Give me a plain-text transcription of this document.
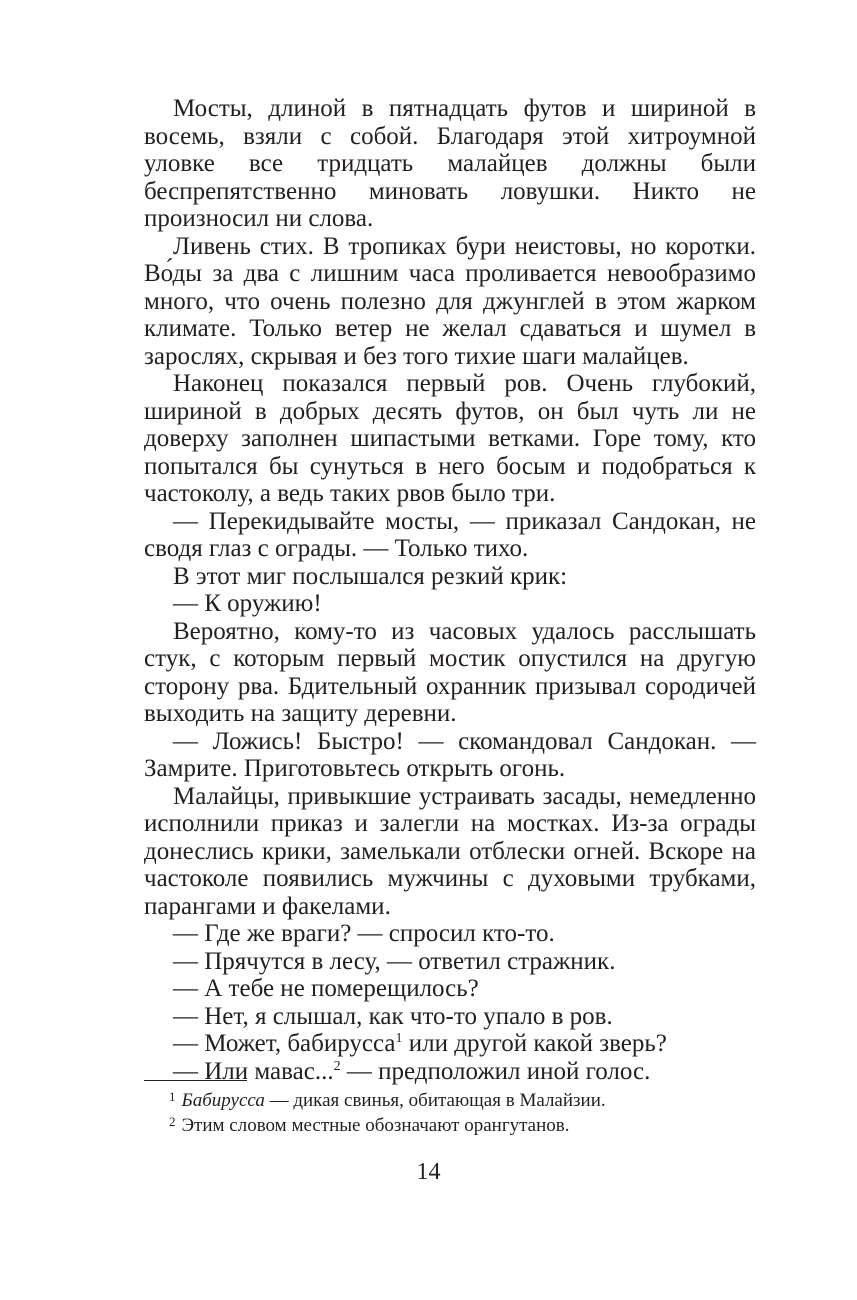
Мосты, длиной в пятнадцать футов и шириной в восемь, взяли с собой. Благодаря этой хитроумной уловке все тридцать малайцев должны были беспрепятственно миновать ловушки. Никто не произносил ни слова.

Ливень стих. В тропиках бури неистовы, но коротки. Во́ды за два с лишним часа проливается невообразимо много, что очень полезно для джунглей в этом жарком климате. Только ветер не желал сдаваться и шумел в зарослях, скрывая и без того тихие шаги малайцев.

Наконец показался первый ров. Очень глубокий, шириной в добрых десять футов, он был чуть ли не доверху заполнен шипастыми ветками. Горе тому, кто попытался бы сунуться в него босым и подобраться к частоколу, а ведь таких рвов было три.

— Перекидывайте мосты, — приказал Сандокан, не сводя глаз с ограды. — Только тихо.

В этот миг послышался резкий крик:

— К оружию!

Вероятно, кому-то из часовых удалось расслышать стук, с которым первый мостик опустился на другую сторону рва. Бдительный охранник призывал сородичей выходить на защиту деревни.

— Ложись! Быстро! — скомандовал Сандокан. — Замрите. Приготовьтесь открыть огонь.

Малайцы, привыкшие устраивать засады, немедленно исполнили приказ и залегли на мостках. Из-за ограды донеслись крики, замелькали отблески огней. Вскоре на частоколе появились мужчины с духовыми трубками, парангами и факелами.

— Где же враги? — спросил кто-то.

— Прячутся в лесу, — ответил стражник.

— А тебе не померещилось?

— Нет, я слышал, как что-то упало в ров.

— Может, бабирусса$^1$ или другой какой зверь?

— Или мавас...$^2$ — предположил иной голос.

$^1$ Бабирусса — дикая свинья, обитающая в Малайзии.

$^2$ Этим словом местные обозначают орангутанов.

14
